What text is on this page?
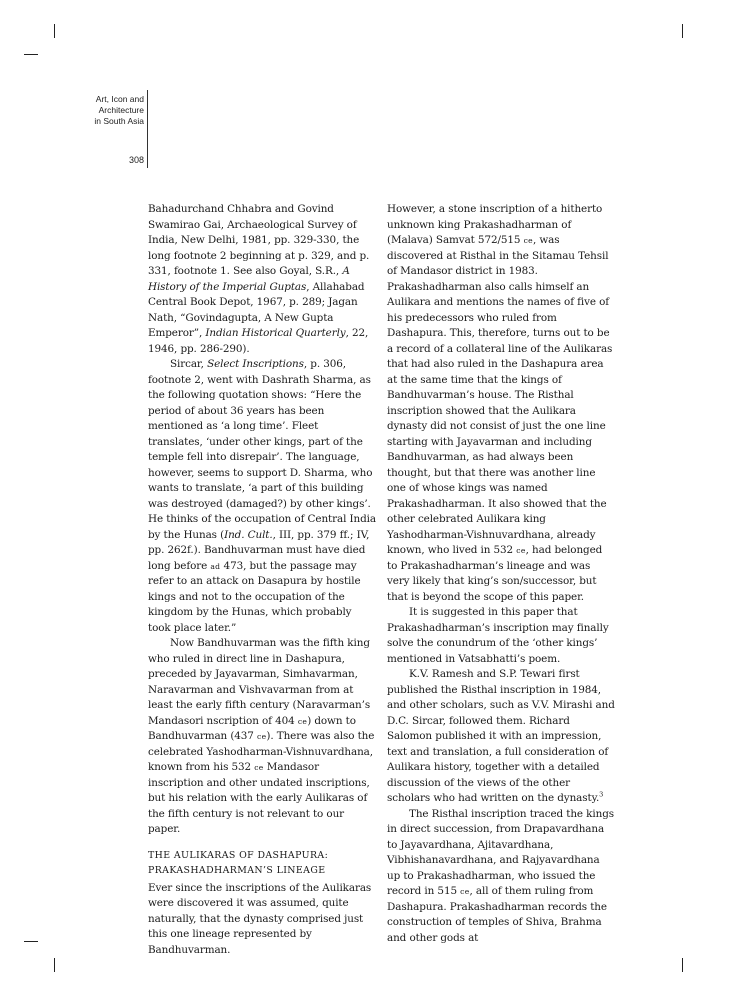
Art, Icon and
Architecture
in South Asia
308

Bahadurchand Chhabra and Govind Swamirao Gai, Archaeological Survey of India, New Delhi, 1981, pp. 329-330, the long footnote 2 beginning at p. 329, and p. 331, footnote 1. See also Goyal, S.R., A History of the Imperial Guptas, Allahabad Central Book Depot, 1967, p. 289; Jagan Nath, “Govindagupta, A New Gupta Emperor”, Indian Historical Quarterly, 22, 1946, pp. 286-290).

Sircar, Select Inscriptions, p. 306, footnote 2, went with Dashrath Sharma, as the following quotation shows: “Here the period of about 36 years has been mentioned as ‘a long time’. Fleet translates, ‘under other kings, part of the temple fell into disrepair’. The language, however, seems to support D. Sharma, who wants to translate, ‘a part of this building was destroyed (damaged?) by other kings’. He thinks of the occupation of Central India by the Hunas (Ind. Cult., III, pp. 379 ff.; IV, pp. 262f.). Bandhuvarman must have died long before ad 473, but the passage may refer to an attack on Dasapura by hostile kings and not to the occupation of the kingdom by the Hunas, which probably took place later.”

Now Bandhuvarman was the fifth king who ruled in direct line in Dashapura, preceded by Jayavarman, Simhavarman, Naravarman and Vishvavarman from at least the early fifth century (Naravarman’s Mandasori nscription of 404 ce) down to Bandhuvarman (437 ce). There was also the celebrated Yashodharman-Vishnuvardhana, known from his 532 ce Mandasor inscription and other undated inscriptions, but his relation with the early Aulikaras of the fifth century is not relevant to our paper.

THE AULIKARAS OF DASHAPURA:
PRAKASHADHARMAN’S LINEAGE

Ever since the inscriptions of the Aulikaras were discovered it was assumed, quite naturally, that the dynasty comprised just this one lineage represented by Bandhuvarman.

However, a stone inscription of a hitherto unknown king Prakashadharman of (Malava) Samvat 572/515 ce, was discovered at Risthal in the Sitamau Tehsil of Mandasor district in 1983. Prakashadharman also calls himself an Aulikara and mentions the names of five of his predecessors who ruled from Dashapura. This, therefore, turns out to be a record of a collateral line of the Aulikaras that had also ruled in the Dashapura area at the same time that the kings of Bandhuvarman’s house. The Risthal inscription showed that the Aulikara dynasty did not consist of just the one line starting with Jayavarman and including Bandhuvarman, as had always been thought, but that there was another line one of whose kings was named Prakashadharman. It also showed that the other celebrated Aulikara king Yashodharman-Vishnuvardhana, already known, who lived in 532 ce, had belonged to Prakashadharman’s lineage and was very likely that king’s son/successor, but that is beyond the scope of this paper.

It is suggested in this paper that Prakashadharman’s inscription may finally solve the conundrum of the ‘other kings’ mentioned in Vatsabhatti’s poem.

K.V. Ramesh and S.P. Tewari first published the Risthal inscription in 1984, and other scholars, such as V.V. Mirashi and D.C. Sircar, followed them. Richard Salomon published it with an impression, text and translation, a full consideration of Aulikara history, together with a detailed discussion of the views of the other scholars who had written on the dynasty.$^3$

The Risthal inscription traced the kings in direct succession, from Drapavardhana to Jayavardhana, Ajitavardhana, Vibhishanavardhana, and Rajyavardhana up to Prakashadharman, who issued the record in 515 ce, all of them ruling from Dashapura. Prakashadharman records the construction of temples of Shiva, Brahma and other gods at
